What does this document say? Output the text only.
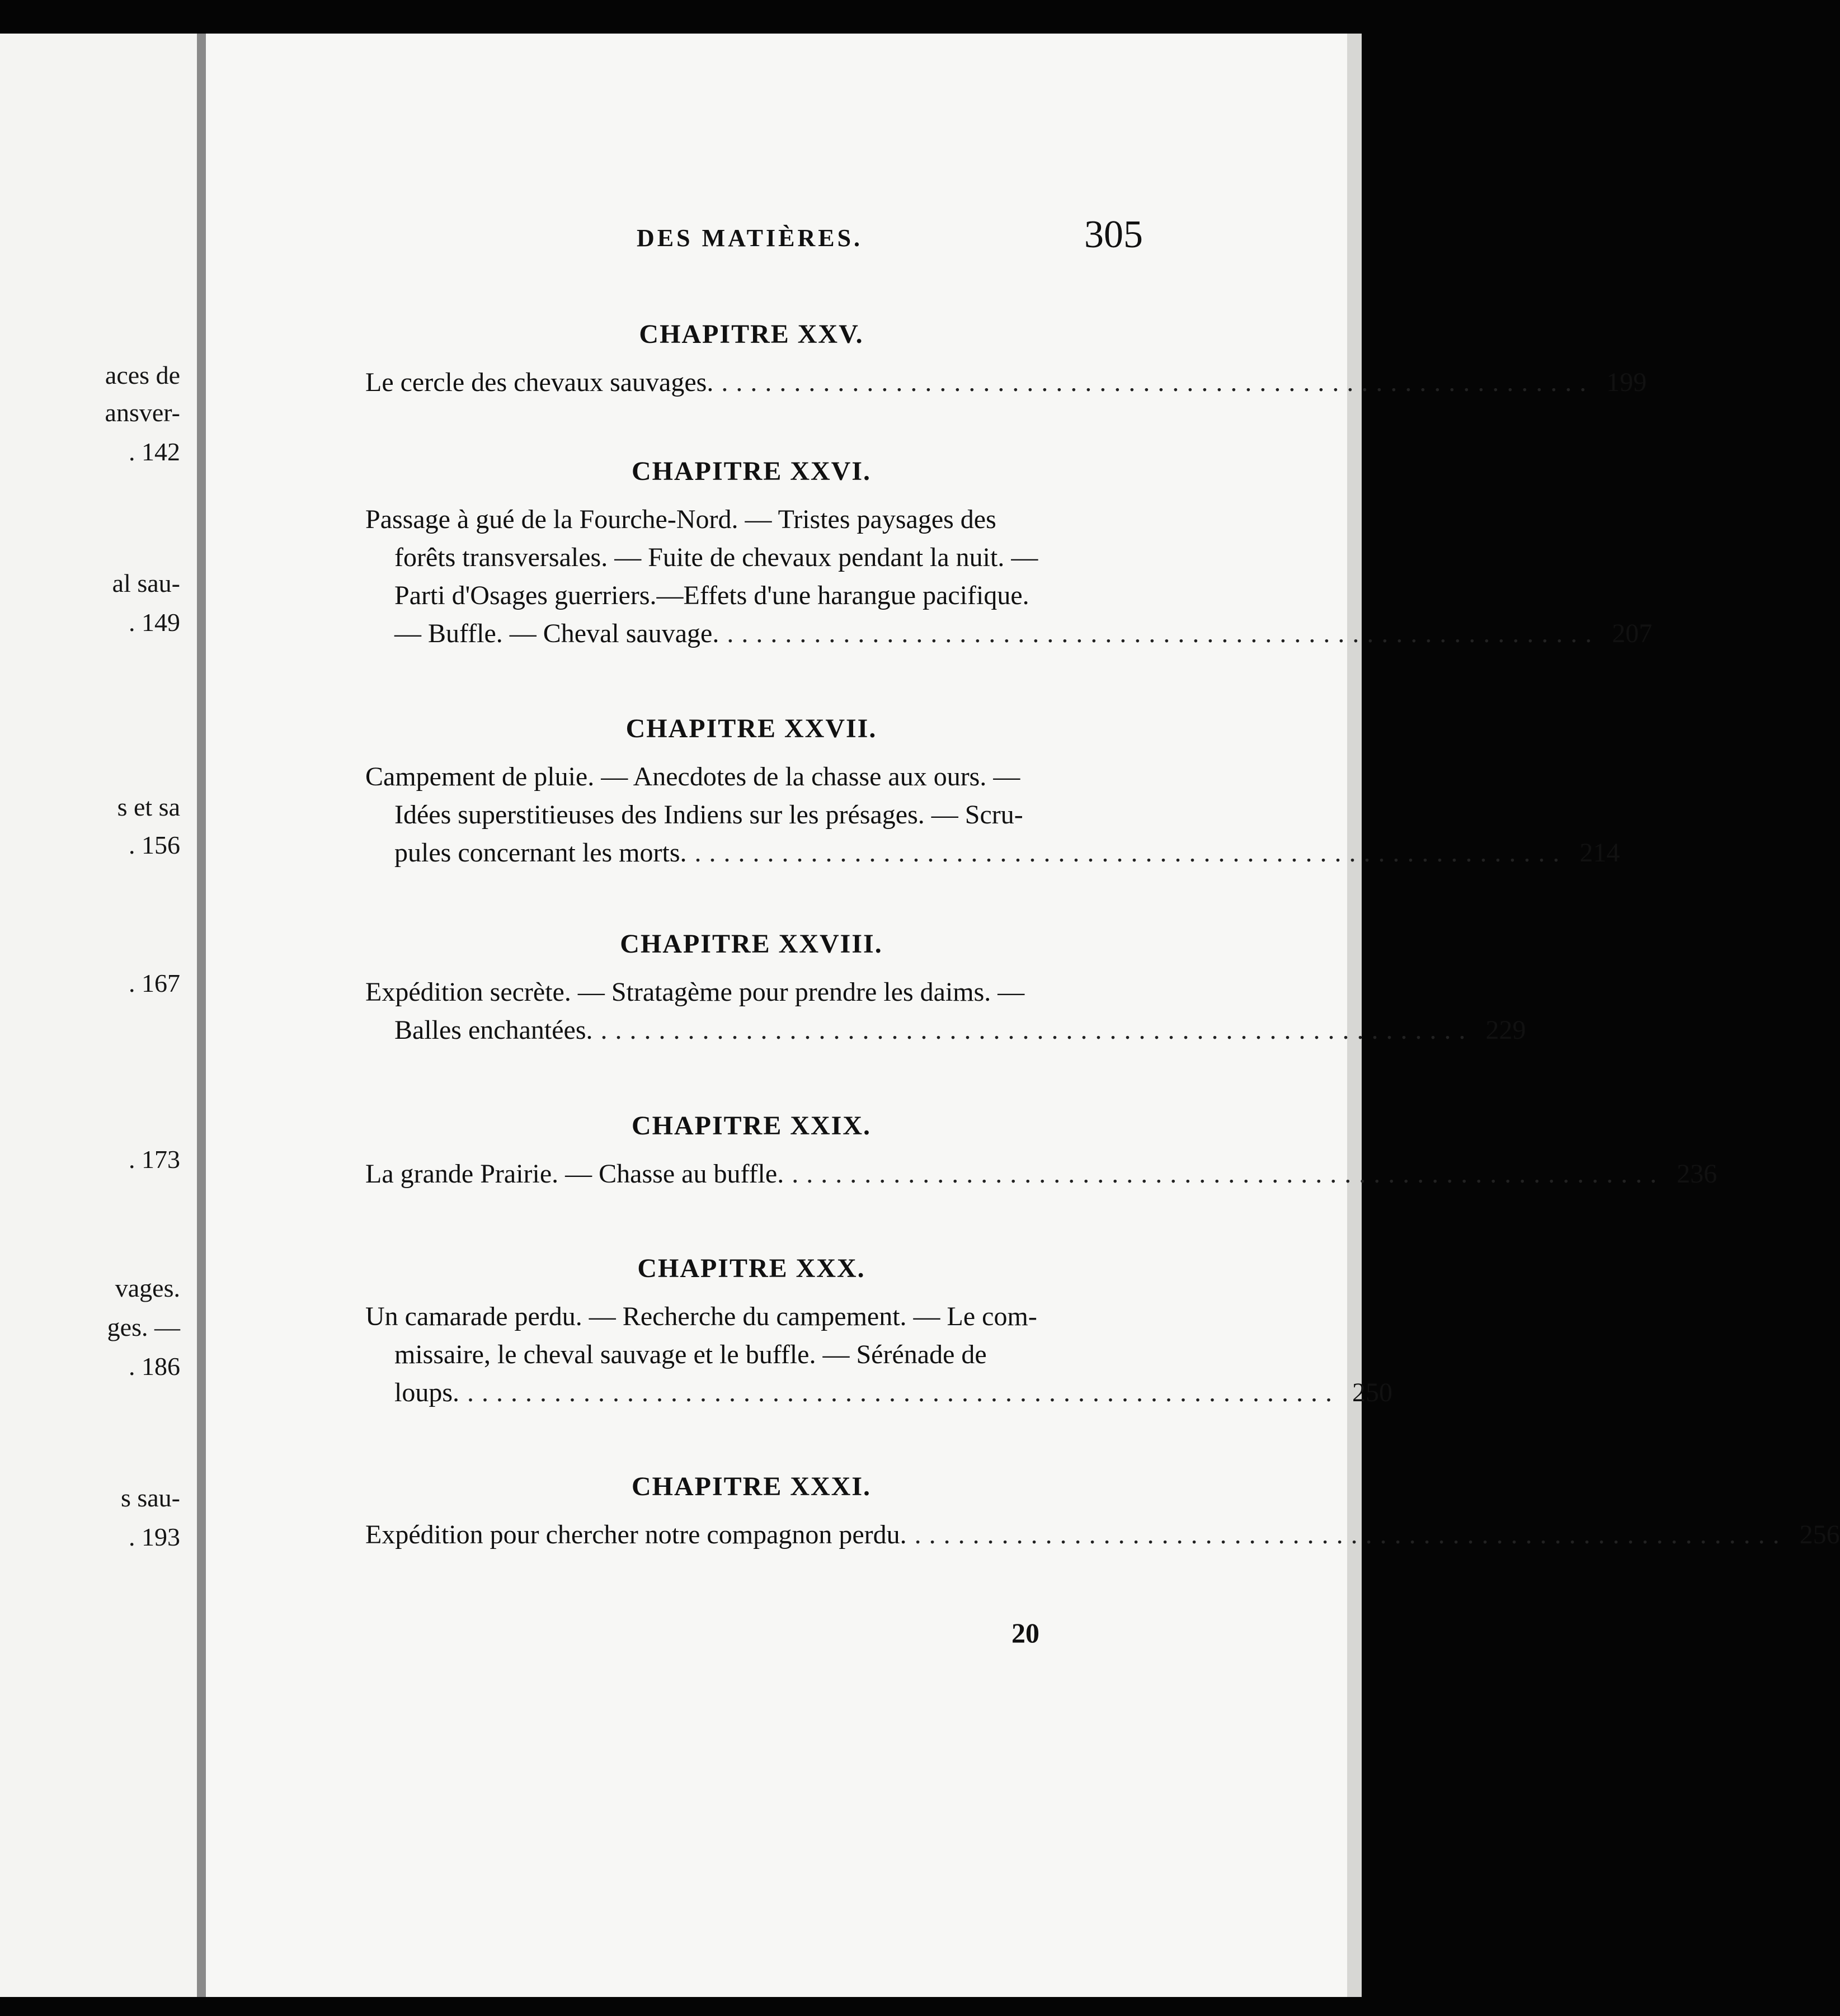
aces de
ansver-
. 142
al sau-
. 149
s et sa
. 156
. 167
. 173
vages.
ges. —
. 186
s sau-
. 193
DES MATIÈRES.	305
CHAPITRE XXV.
Le cercle des chevaux sauvages. ............................................................ 199
CHAPITRE XXVI.
Passage à gué de la Fourche-Nord. — Tristes paysages des
forêts transversales. — Fuite de chevaux pendant la nuit. —
Parti d'Osages guerriers.—Effets d'une harangue pacifique.
— Buffle. — Cheval sauvage. ............................................................ 207
CHAPITRE XXVII.
Campement de pluie. — Anecdotes de la chasse aux ours. —
Idées superstitieuses des Indiens sur les présages. — Scru-
pules concernant les morts. ............................................................ 214
CHAPITRE XXVIII.
Expédition secrète. — Stratagème pour prendre les daims. —
Balles enchantées. ............................................................ 229
CHAPITRE XXIX.
La grande Prairie. — Chasse au buffle. ............................................................ 236
CHAPITRE XXX.
Un camarade perdu. — Recherche du campement. — Le com-
missaire, le cheval sauvage et le buffle. — Sérénade de
loups. ............................................................ 250
CHAPITRE XXXI.
Expédition pour chercher notre compagnon perdu. ............................................................ 256
20
